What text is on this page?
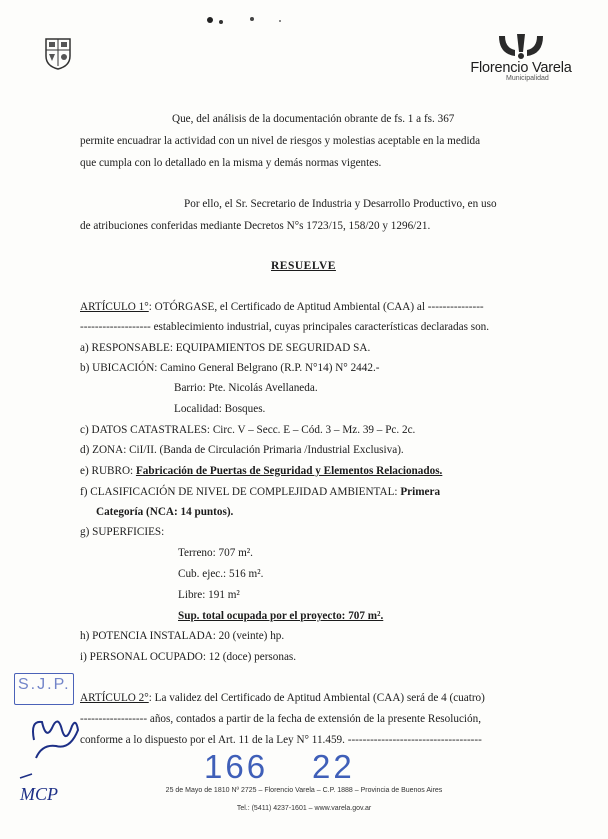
Florencio Varela
Municipalidad
Que, del análisis de la documentación obrante de fs. 1 a fs. 367
permite encuadrar la actividad con un nivel de riesgos y molestias aceptable en la medida
que cumpla con lo detallado en la misma y demás normas vigentes.
Por ello, el Sr. Secretario de Industria y Desarrollo Productivo, en uso
de atribuciones conferidas mediante Decretos N°s 1723/15, 158/20 y 1296/21.
RESUELVE
ARTÍCULO 1°: OTÓRGASE, el Certificado de Aptitud Ambiental (CAA) al ---------------
------------------- establecimiento industrial, cuyas principales características declaradas son.
a) RESPONSABLE: EQUIPAMIENTOS DE SEGURIDAD SA.
b) UBICACIÓN: Camino General Belgrano (R.P. N°14) N° 2442.-
Barrio: Pte. Nicolás Avellaneda.
Localidad: Bosques.
c) DATOS CATASTRALES: Circ. V – Secc. E – Cód. 3 – Mz. 39 – Pc. 2c.
d) ZONA: CiI/II. (Banda de Circulación Primaria /Industrial Exclusiva).
e) RUBRO: Fabricación de Puertas de Seguridad y Elementos Relacionados.
f) CLASIFICACIÓN DE NIVEL DE COMPLEJIDAD AMBIENTAL: Primera
Categoría (NCA: 14 puntos).
g) SUPERFICIES:
Terreno: 707 m².
Cub. ejec.: 516 m².
Libre: 191 m²
Sup. total ocupada por el proyecto: 707 m².
h) POTENCIA INSTALADA: 20 (veinte) hp.
i) PERSONAL OCUPADO: 12 (doce) personas.
ARTÍCULO 2°: La validez del Certificado de Aptitud Ambiental (CAA) será de 4 (cuatro)
------------------ años, contados a partir de la fecha de extensión de la presente Resolución,
conforme a lo dispuesto por el Art. 11 de la Ley N° 11.459. ------------------------------------
S.J.P.
MCP
166 22
25 de Mayo de 1810 Nº 2725 – Florencio Varela – C.P. 1888 – Provincia de Buenos Aires
Tel.: (5411) 4237-1601 – www.varela.gov.ar
